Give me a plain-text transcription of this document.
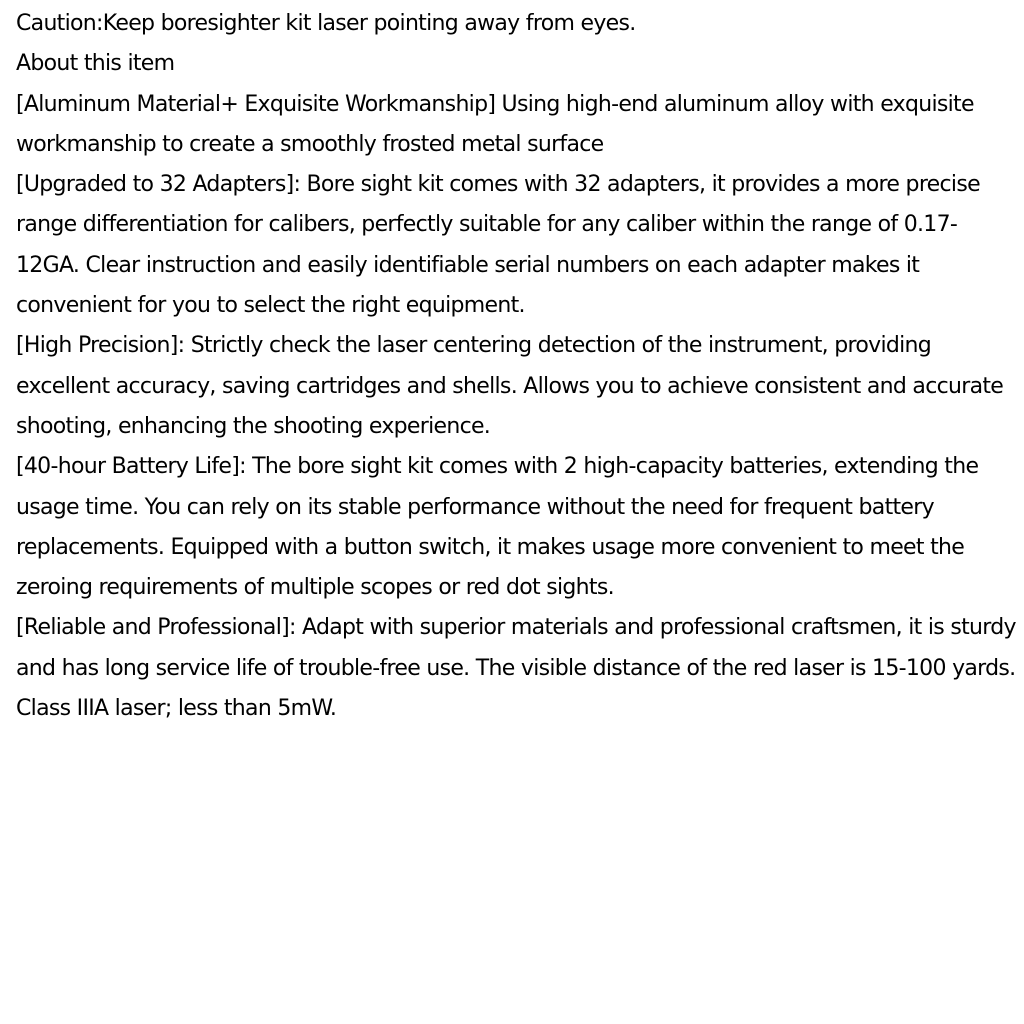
Caution:Keep boresighter kit laser pointing away from eyes.

About this item

[Aluminum Material+ Exquisite Workmanship] Using high-end aluminum alloy with exquisite workmanship to create a smoothly frosted metal surface

[Upgraded to 32 Adapters]: Bore sight kit comes with 32 adapters, it provides a more precise range differentiation for calibers, perfectly suitable for any caliber within the range of 0.17-12GA. Clear instruction and easily identifiable serial numbers on each adapter makes it convenient for you to select the right equipment.

[High Precision]: Strictly check the laser centering detection of the instrument, providing excellent accuracy, saving cartridges and shells. Allows you to achieve consistent and accurate shooting, enhancing the shooting experience.

[40-hour Battery Life]: The bore sight kit comes with 2 high-capacity batteries, extending the usage time. You can rely on its stable performance without the need for frequent battery replacements. Equipped with a button switch, it makes usage more convenient to meet the zeroing requirements of multiple scopes or red dot sights.

[Reliable and Professional]: Adapt with superior materials and professional craftsmen, it is sturdy and has long service life of trouble-free use. The visible distance of the red laser is 15-100 yards. Class IIIA laser; less than 5mW.
